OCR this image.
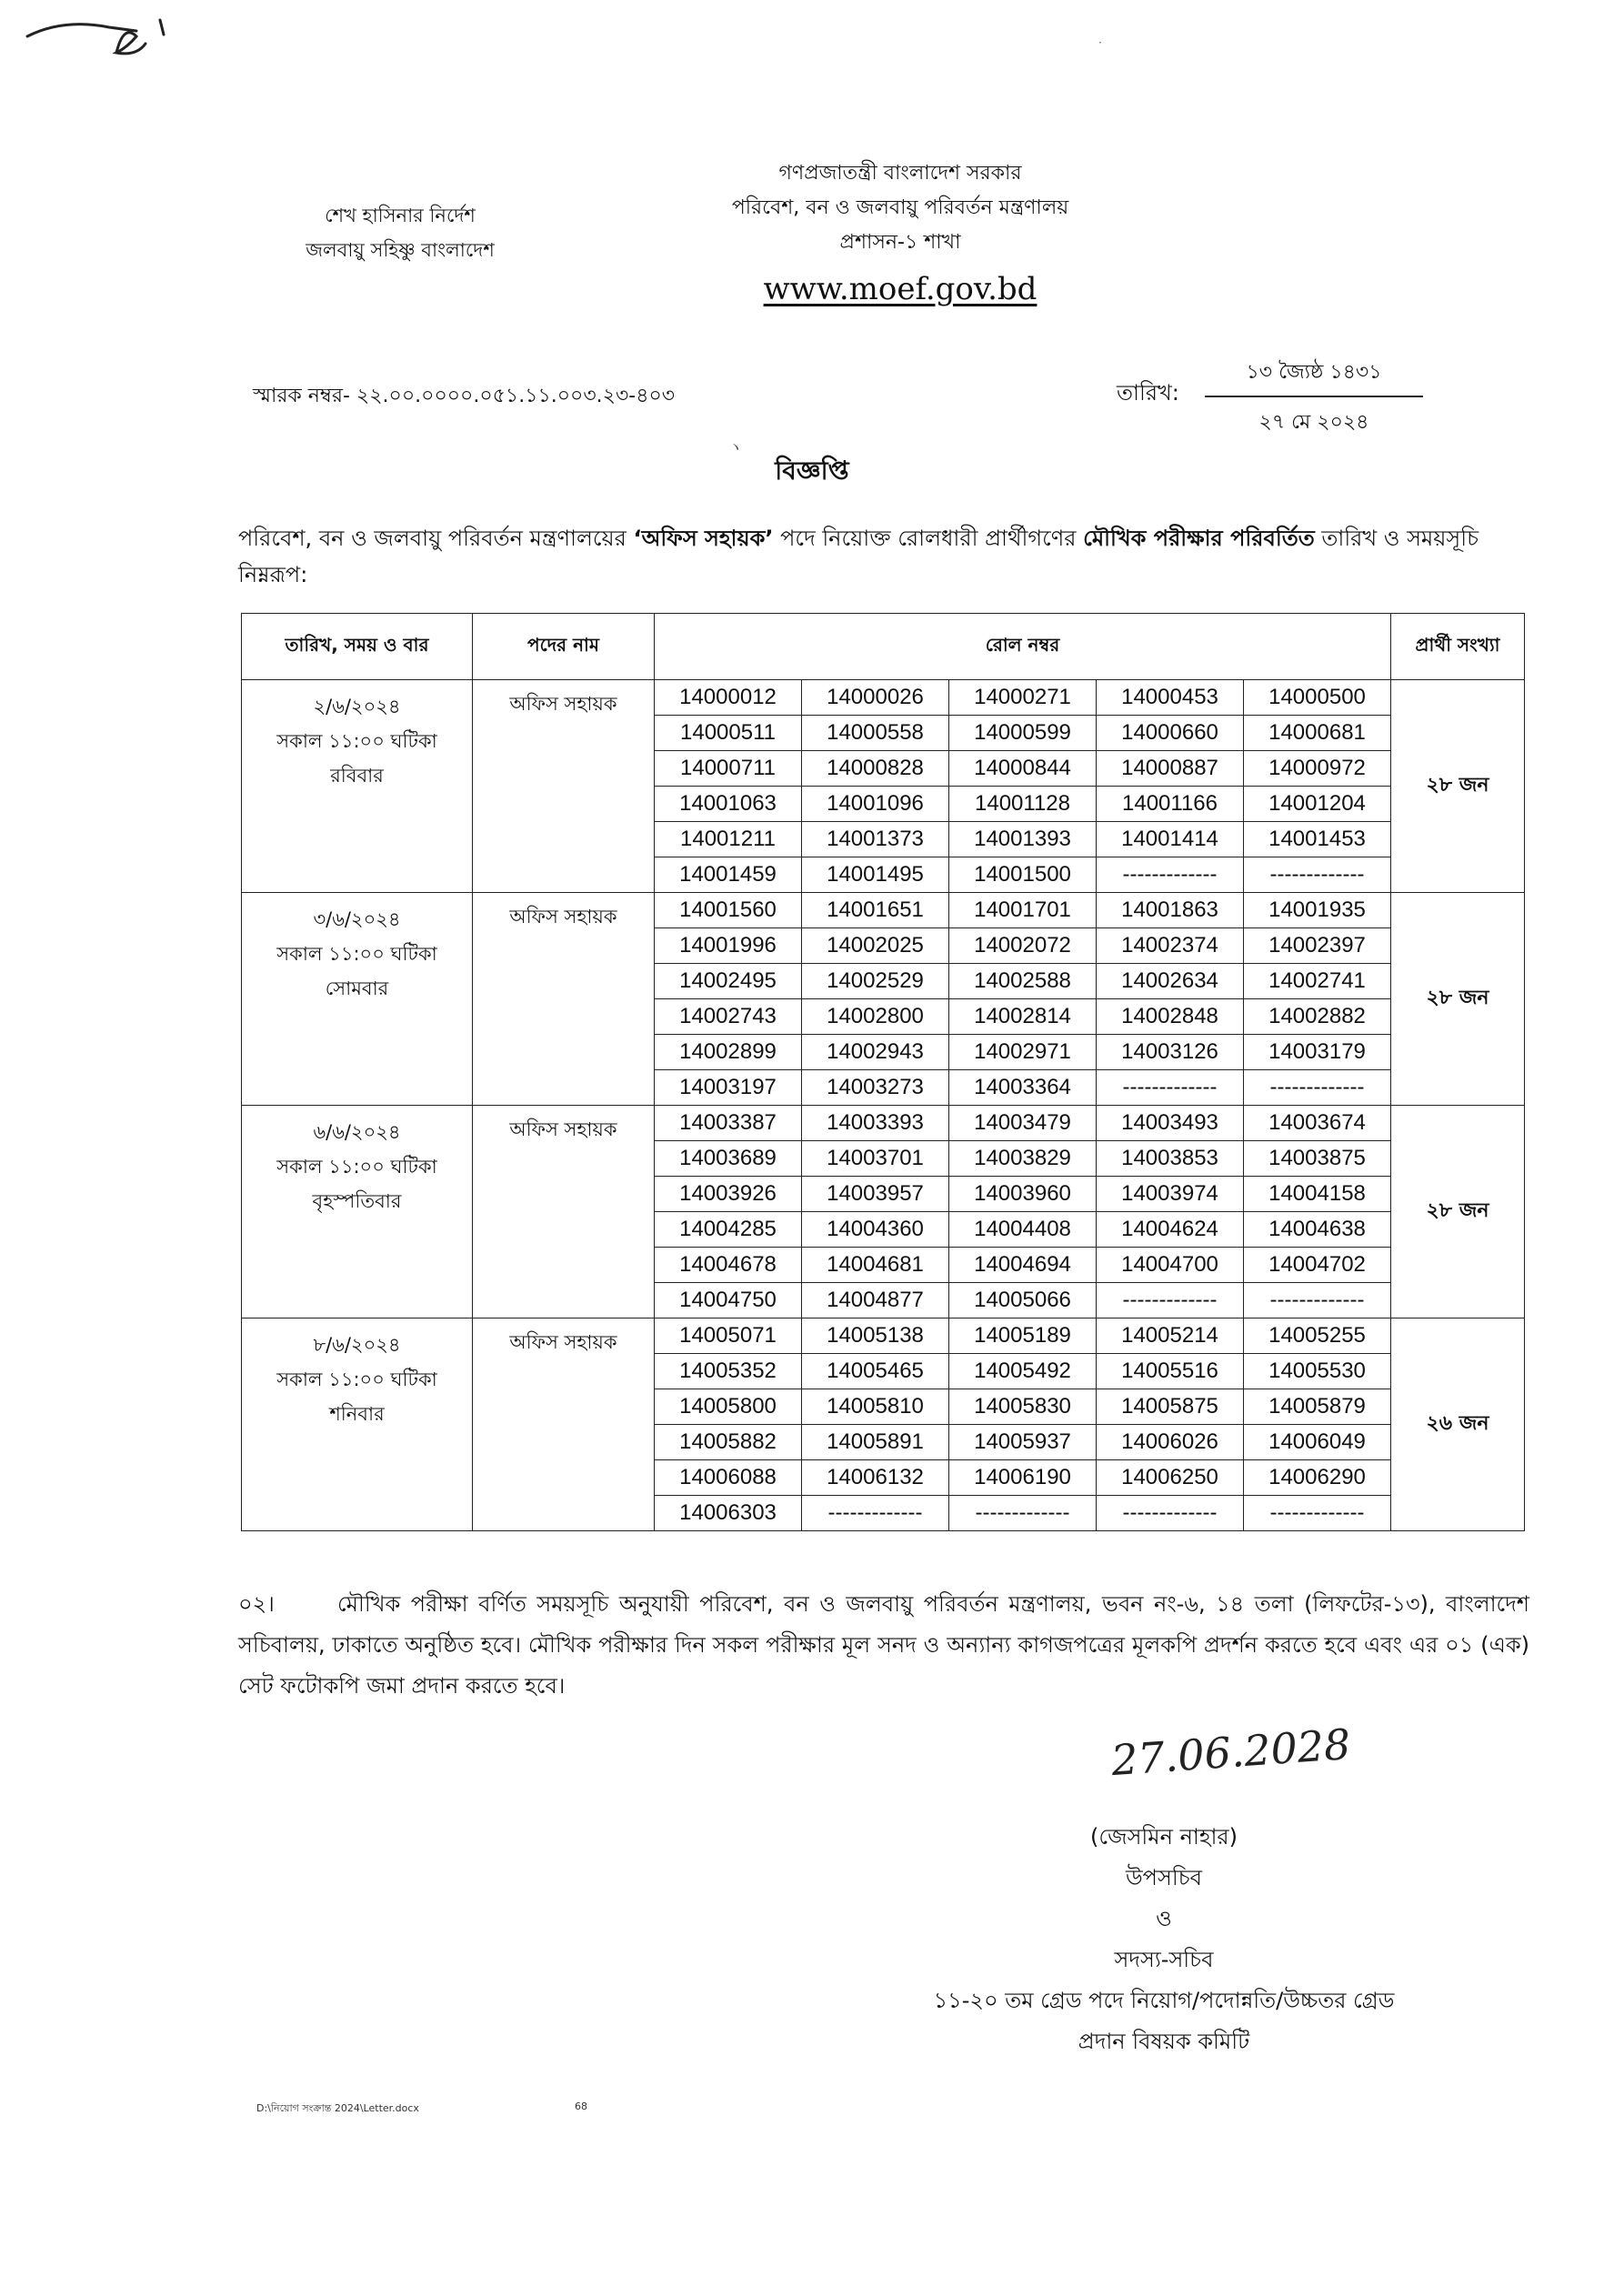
শেখ হাসিনার নির্দেশ
জলবায়ু সহিষ্ণু বাংলাদেশ
গণপ্রজাতন্ত্রী বাংলাদেশ সরকার
পরিবেশ, বন ও জলবায়ু পরিবর্তন মন্ত্রণালয়
প্রশাসন-১ শাখা
www.moef.gov.bd
স্মারক নম্বর- ২২.০০.০০০০.০৫১.১১.০০৩.২৩-৪০৩	তারিখ:
১৩ জ্যৈষ্ঠ ১৪৩১
২৭ মে ২০২৪
ヽ
·
বিজ্ঞপ্তি
পরিবেশ, বন ও জলবায়ু পরিবর্তন মন্ত্রণালয়ের ‘অফিস সহায়ক’ পদে নিয়োক্ত রোলধারী প্রার্থীগণের মৌখিক পরীক্ষার পরিবর্তিত তারিখ ও সময়সূচি নিম্নরূপ:
তারিখ, সময় ও বার	পদের নাম	রোল নম্বর					প্রার্থী সংখ্যা

২/৬/২০২৪
সকাল ১১:০০ ঘটিকা
রবিবার	অফিস সহায়ক	14000012	14000026	14000271	14000453	14000500	২৮ জন
		14000511	14000558	14000599	14000660	14000681	
		14000711	14000828	14000844	14000887	14000972	
		14001063	14001096	14001128	14001166	14001204	
		14001211	14001373	14001393	14001414	14001453	
		14001459	14001495	14001500	-------------	-------------	

৩/৬/২০২৪
সকাল ১১:০০ ঘটিকা
সোমবার	অফিস সহায়ক	14001560	14001651	14001701	14001863	14001935	২৮ জন
		14001996	14002025	14002072	14002374	14002397	
		14002495	14002529	14002588	14002634	14002741	
		14002743	14002800	14002814	14002848	14002882	
		14002899	14002943	14002971	14003126	14003179	
		14003197	14003273	14003364	-------------	-------------	

৬/৬/২০২৪
সকাল ১১:০০ ঘটিকা
বৃহস্পতিবার	অফিস সহায়ক	14003387	14003393	14003479	14003493	14003674	২৮ জন
		14003689	14003701	14003829	14003853	14003875	
		14003926	14003957	14003960	14003974	14004158	
		14004285	14004360	14004408	14004624	14004638	
		14004678	14004681	14004694	14004700	14004702	
		14004750	14004877	14005066	-------------	-------------	

৮/৬/২০২৪
সকাল ১১:০০ ঘটিকা
শনিবার	অফিস সহায়ক	14005071	14005138	14005189	14005214	14005255	২৬ জন
		14005352	14005465	14005492	14005516	14005530	
		14005800	14005810	14005830	14005875	14005879	
		14005882	14005891	14005937	14006026	14006049	
		14006088	14006132	14006190	14006250	14006290	
		14006303	-------------	-------------	-------------	-------------	
০২।	মৌখিক পরীক্ষা বর্ণিত সময়সূচি অনুযায়ী পরিবেশ, বন ও জলবায়ু পরিবর্তন মন্ত্রণালয়, ভবন নং-৬, ১৪ তলা (লিফটের-১৩), বাংলাদেশ সচিবালয়, ঢাকাতে অনুষ্ঠিত হবে। মৌখিক পরীক্ষার দিন সকল পরীক্ষার মূল সনদ ও অন্যান্য কাগজপত্রের মূলকপি প্রদর্শন করতে হবে এবং এর ০১ (এক) সেট ফটোকপি জমা প্রদান করতে হবে।
27.06.2028
(জেসমিন নাহার)
উপসচিব
ও
সদস্য-সচিব
১১-২০ তম গ্রেড পদে নিয়োগ/পদোন্নতি/উচ্চতর গ্রেড
প্রদান বিষয়ক কমিটি
D:\নিয়োগ সংক্রান্ত 2024\Letter.docx	68
